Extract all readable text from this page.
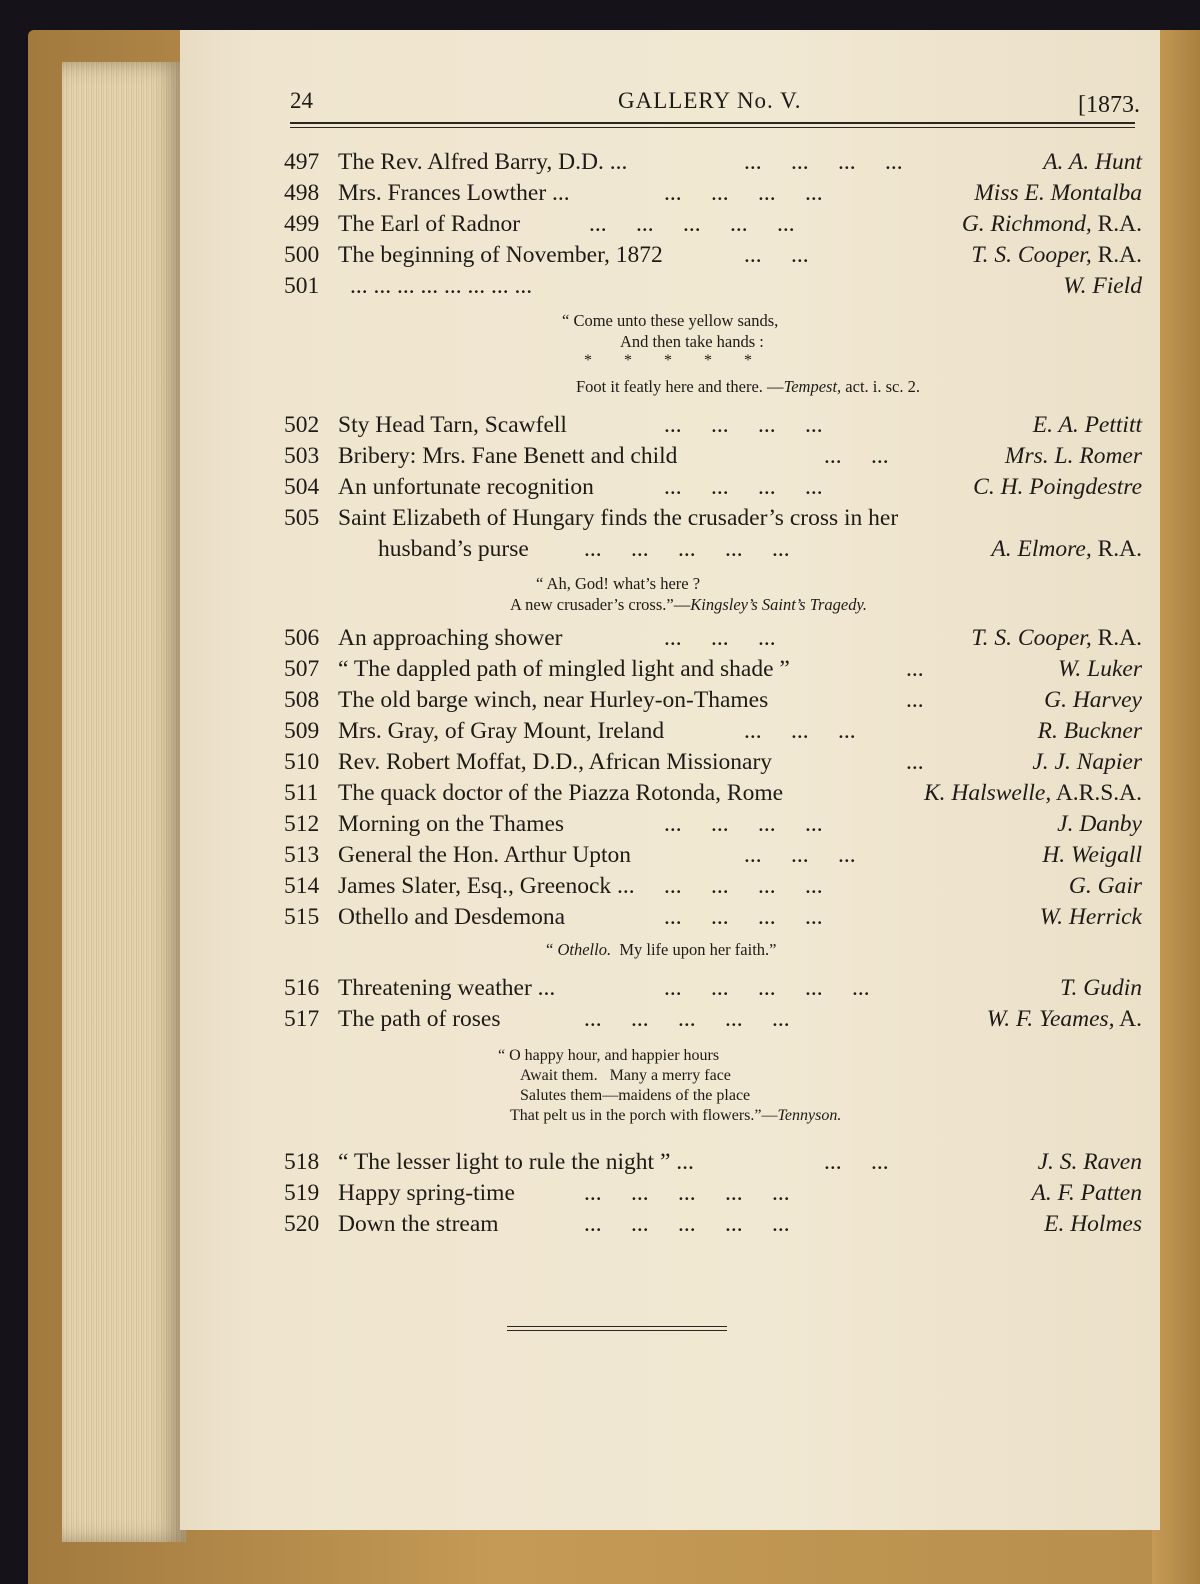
24	GALLERY No. V.	[1873.
497 The Rev. Alfred Barry, D.D. ...	...     ...     ...     ...	A. A. Hunt
498 Mrs. Frances Lowther ...	...     ...     ...     ...	Miss E. Montalba
499 The Earl of Radnor	...     ...     ...     ...     ...	G. Richmond, R.A.
500 The beginning of November, 1872	...     ...	T. S. Cooper, R.A.
501	... ... ... ... ... ... ... ...	W. Field
“ Come unto these yellow sands,
And then take hands :
*        *        *        *        *
Foot it featly here and there. —Tempest, act. i. sc. 2.
502 Sty Head Tarn, Scawfell	...     ...     ...     ...	E. A. Pettitt
503 Bribery: Mrs. Fane Benett and child	...     ...	Mrs. L. Romer
504 An unfortunate recognition	...     ...     ...     ...	C. H. Poingdestre
505 Saint Elizabeth of Hungary finds the crusader’s cross in her
husband’s purse ...     ...     ...     ...     ...	A. Elmore, R.A.
“ Ah, God! what’s here ?
A new crusader’s cross.”—Kingsley’s Saint’s Tragedy.
506 An approaching shower	...     ...     ...	T. S. Cooper, R.A.
507 “ The dappled path of mingled light and shade ”	...	W. Luker
508 The old barge winch, near Hurley-on-Thames	...	G. Harvey
509 Mrs. Gray, of Gray Mount, Ireland	...     ...     ...	R. Buckner
510 Rev. Robert Moffat, D.D., African Missionary	...	J. J. Napier
511 The quack doctor of the Piazza Rotonda, Rome	K. Halswelle, A.R.S.A.
512 Morning on the Thames	...     ...     ...     ...	J. Danby
513 General the Hon. Arthur Upton	...     ...     ...	H. Weigall
514 James Slater, Esq., Greenock ... ...     ...     ...     ...	G. Gair
515 Othello and Desdemona	...     ...     ...     ...	W. Herrick
“ Othello.  My life upon her faith.”
516 Threatening weather ...	...     ...     ...     ...     ...	T. Gudin
517 The path of roses	...     ...     ...     ...     ...	W. F. Yeames, A.
“ O happy hour, and happier hours
Await them.   Many a merry face
Salutes them—maidens of the place
That pelt us in the porch with flowers.”—Tennyson.
518 “ The lesser light to rule the night ” ...	...     ...	J. S. Raven
519 Happy spring-time	...     ...     ...     ...     ...	A. F. Patten
520 Down the stream	...     ...     ...     ...     ...	E. Holmes
